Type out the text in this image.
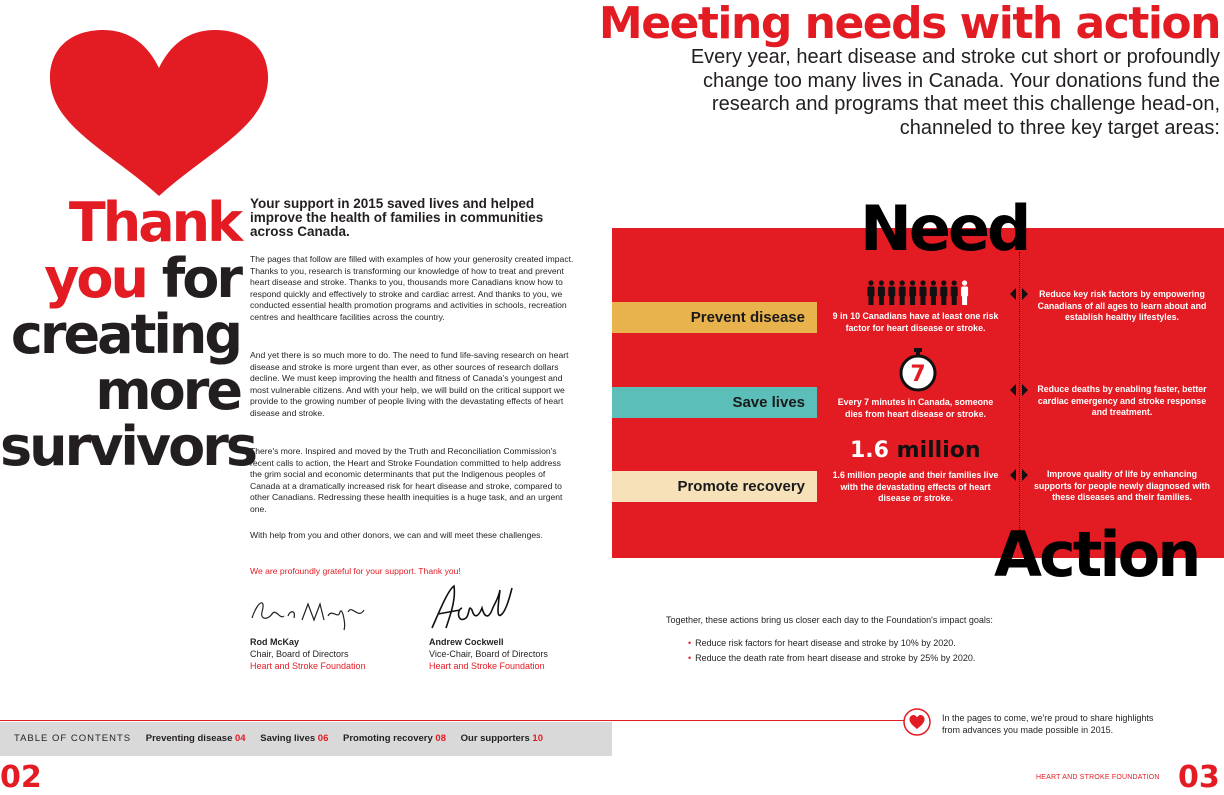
Thank
you for
creating
more
survivors
Your support in 2015 saved lives and helped improve the health of families in communities across Canada.

The pages that follow are filled with examples of how your generosity created impact. Thanks to you, research is transforming our knowledge of how to treat and prevent heart disease and stroke. Thanks to you, thousands more Canadians know how to respond quickly and effectively to stroke and cardiac arrest. And thanks to you, we conducted essential health promotion programs and activities in schools, recreation centres and healthcare facilities across the country.

And yet there is so much more to do. The need to fund life-saving research on heart disease and stroke is more urgent than ever, as other sources of research dollars decline. We must keep improving the health and fitness of Canada's youngest and most vulnerable citizens. And with your help, we will build on the critical support we provide to the growing number of people living with the devastating effects of heart disease and stroke.

There's more. Inspired and moved by the Truth and Reconciliation Commission's recent calls to action, the Heart and Stroke Foundation committed to help address the grim social and economic determinants that put the Indigenous peoples of Canada at a dramatically increased risk for heart disease and stroke, compared to other Canadians. Redressing these health inequities is a huge task, and an urgent one.

With help from you and other donors, we can and will meet these challenges.

We are profoundly grateful for your support. Thank you!

Rod McKay
Chair, Board of Directors
Heart and Stroke Foundation
Andrew Cockwell
Vice-Chair, Board of Directors
Heart and Stroke Foundation
TABLE OF CONTENTS Preventing disease 04 Saving lives 06 Promoting recovery 08 Our supporters 10
02
Meeting needs with action
Every year, heart disease and stroke cut short or profoundly change too many lives in Canada. Your donations fund the research and programs that meet this challenge head-on, channeled to three key target areas:
Need
Prevent disease
Save lives
Promote recovery
7
1.6 million
9 in 10 Canadians have at least one risk factor for heart disease or stroke.
Every 7 minutes in Canada, someone dies from heart disease or stroke.
1.6 million people and their families live with the devastating effects of heart disease or stroke.
Reduce key risk factors by empowering Canadians of all ages to learn about and establish healthy lifestyles.
Reduce deaths by enabling faster, better cardiac emergency and stroke response and treatment.
Improve quality of life by enhancing supports for people newly diagnosed with these diseases and their families.
Action
Together, these actions bring us closer each day to the Foundation's impact goals:
• Reduce risk factors for heart disease and stroke by 10% by 2020.
• Reduce the death rate from heart disease and stroke by 25% by 2020.
In the pages to come, we're proud to share highlights from advances you made possible in 2015.
HEART AND STROKE FOUNDATION 03
